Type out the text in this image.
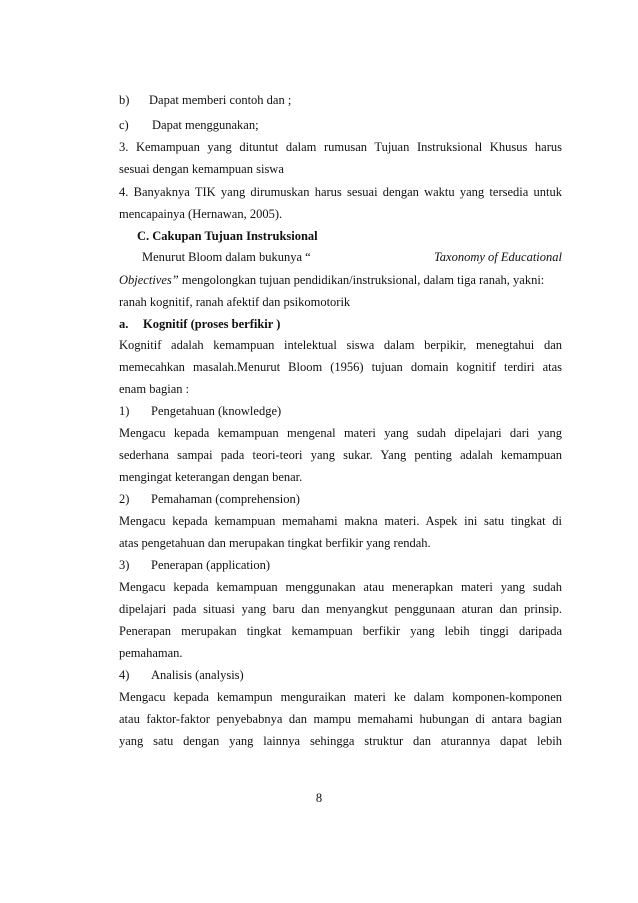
b) Dapat memberi contoh dan ;
c) Dapat menggunakan;
3. Kemampuan yang dituntut dalam rumusan Tujuan Instruksional Khusus harus
sesuai dengan kemampuan siswa
4. Banyaknya TIK yang dirumuskan harus sesuai dengan waktu yang tersedia untuk
mencapainya (Hernawan, 2005).
C. Cakupan Tujuan Instruksional
Menurut Bloom dalam bukunya “	Taxonomy of Educational
Objectives” mengolongkan tujuan pendidikan/instruksional, dalam tiga ranah, yakni:
ranah kognitif, ranah afektif dan psikomotorik
a. Kognitif (proses berfikir )
Kognitif adalah kemampuan intelektual siswa dalam berpikir, menegtahui dan
memecahkan masalah.Menurut Bloom (1956) tujuan domain kognitif terdiri atas
enam bagian :
1) Pengetahuan (knowledge)
Mengacu kepada kemampuan mengenal materi yang sudah dipelajari dari yang
sederhana sampai pada teori-teori yang sukar. Yang penting adalah kemampuan
mengingat keterangan dengan benar.
2) Pemahaman (comprehension)
Mengacu kepada kemampuan memahami makna materi. Aspek ini satu tingkat di
atas pengetahuan dan merupakan tingkat berfikir yang rendah.
3) Penerapan (application)
Mengacu kepada kemampuan menggunakan atau menerapkan materi yang sudah
dipelajari pada situasi yang baru dan menyangkut penggunaan aturan dan prinsip.
Penerapan merupakan tingkat kemampuan berfikir yang lebih tinggi daripada
pemahaman.
4) Analisis (analysis)
Mengacu kepada kemampun menguraikan materi ke dalam komponen-komponen
atau faktor-faktor penyebabnya dan mampu memahami hubungan di antara bagian
yang satu dengan yang lainnya sehingga struktur dan aturannya dapat lebih
8
